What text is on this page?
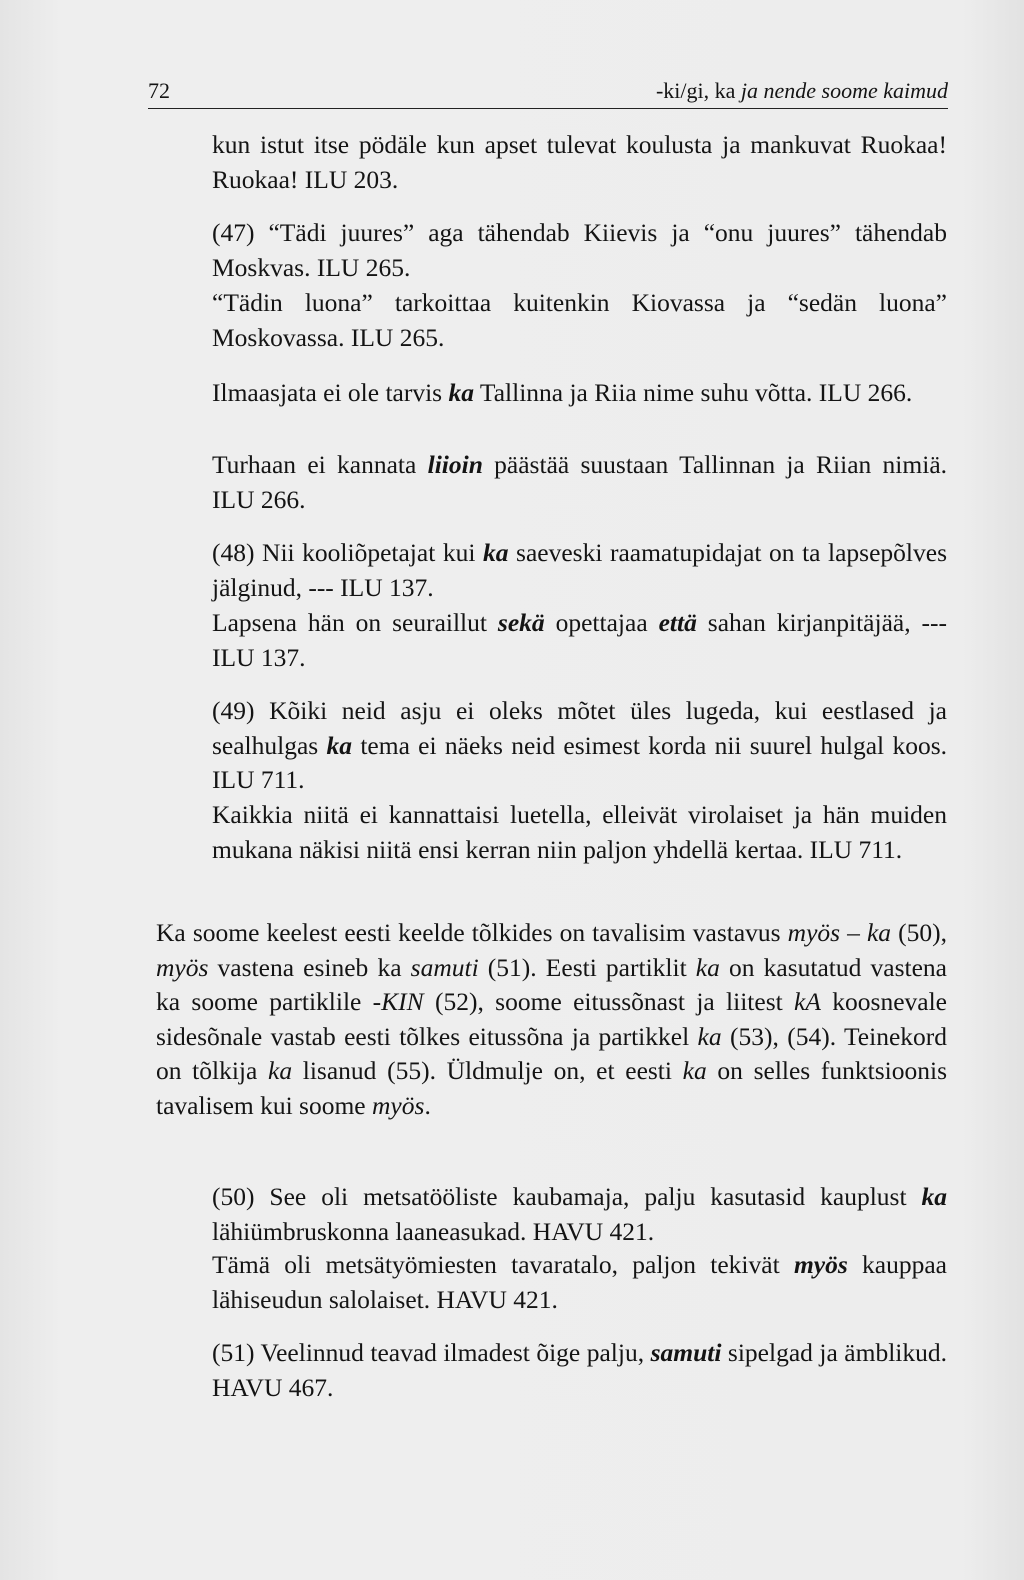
72	-ki/gi, ka ja nende soome kaimud
kun istut itse pödäle kun apset tulevat koulusta ja mankuvat Ruokaa! Ruokaa! ILU 203.
(47) “Tädi juures” aga tähendab Kiievis ja “onu juures” tähendab Moskvas. ILU 265.
“Tädin luona” tarkoittaa kuitenkin Kiovassa ja “sedän luona” Moskovassa. ILU 265.
Ilmaasjata ei ole tarvis ka Tallinna ja Riia nime suhu võtta. ILU 266.
Turhaan ei kannata liioin päästää suustaan Tallinnan ja Riian nimiä. ILU 266.
(48) Nii kooliõpetajat kui ka saeveski raamatupidajat on ta lapsepõlves jälginud, --- ILU 137.
Lapsena hän on seuraillut sekä opettajaa että sahan kirjanpitäjää, --- ILU 137.
(49) Kõiki neid asju ei oleks mõtet üles lugeda, kui eestlased ja sealhulgas ka tema ei näeks neid esimest korda nii suurel hulgal koos. ILU 711.
Kaikkia niitä ei kannattaisi luetella, elleivät virolaiset ja hän muiden mukana näkisi niitä ensi kerran niin paljon yhdellä kertaa. ILU 711.
Ka soome keelest eesti keelde tõlkides on tavalisim vastavus myös – ka (50), myös vastena esineb ka samuti (51). Eesti partiklit ka on kasutatud vastena ka soome partiklile -KIN (52), soome eitussõnast ja liitest kA koosnevale sidesõnale vastab eesti tõlkes eitussõna ja partikkel ka (53), (54). Teinekord on tõlkija ka lisanud (55). Üldmulje on, et eesti ka on selles funktsioonis tavalisem kui soome myös.
(50) See oli metsatööliste kaubamaja, palju kasutasid kauplust ka lähiümbruskonna laaneasukad. HAVU 421.
Tämä oli metsätyömiesten tavaratalo, paljon tekivät myös kauppaa lähiseudun salolaiset. HAVU 421.
(51) Veelinnud teavad ilmadest õige palju, samuti sipelgad ja ämblikud. HAVU 467.
